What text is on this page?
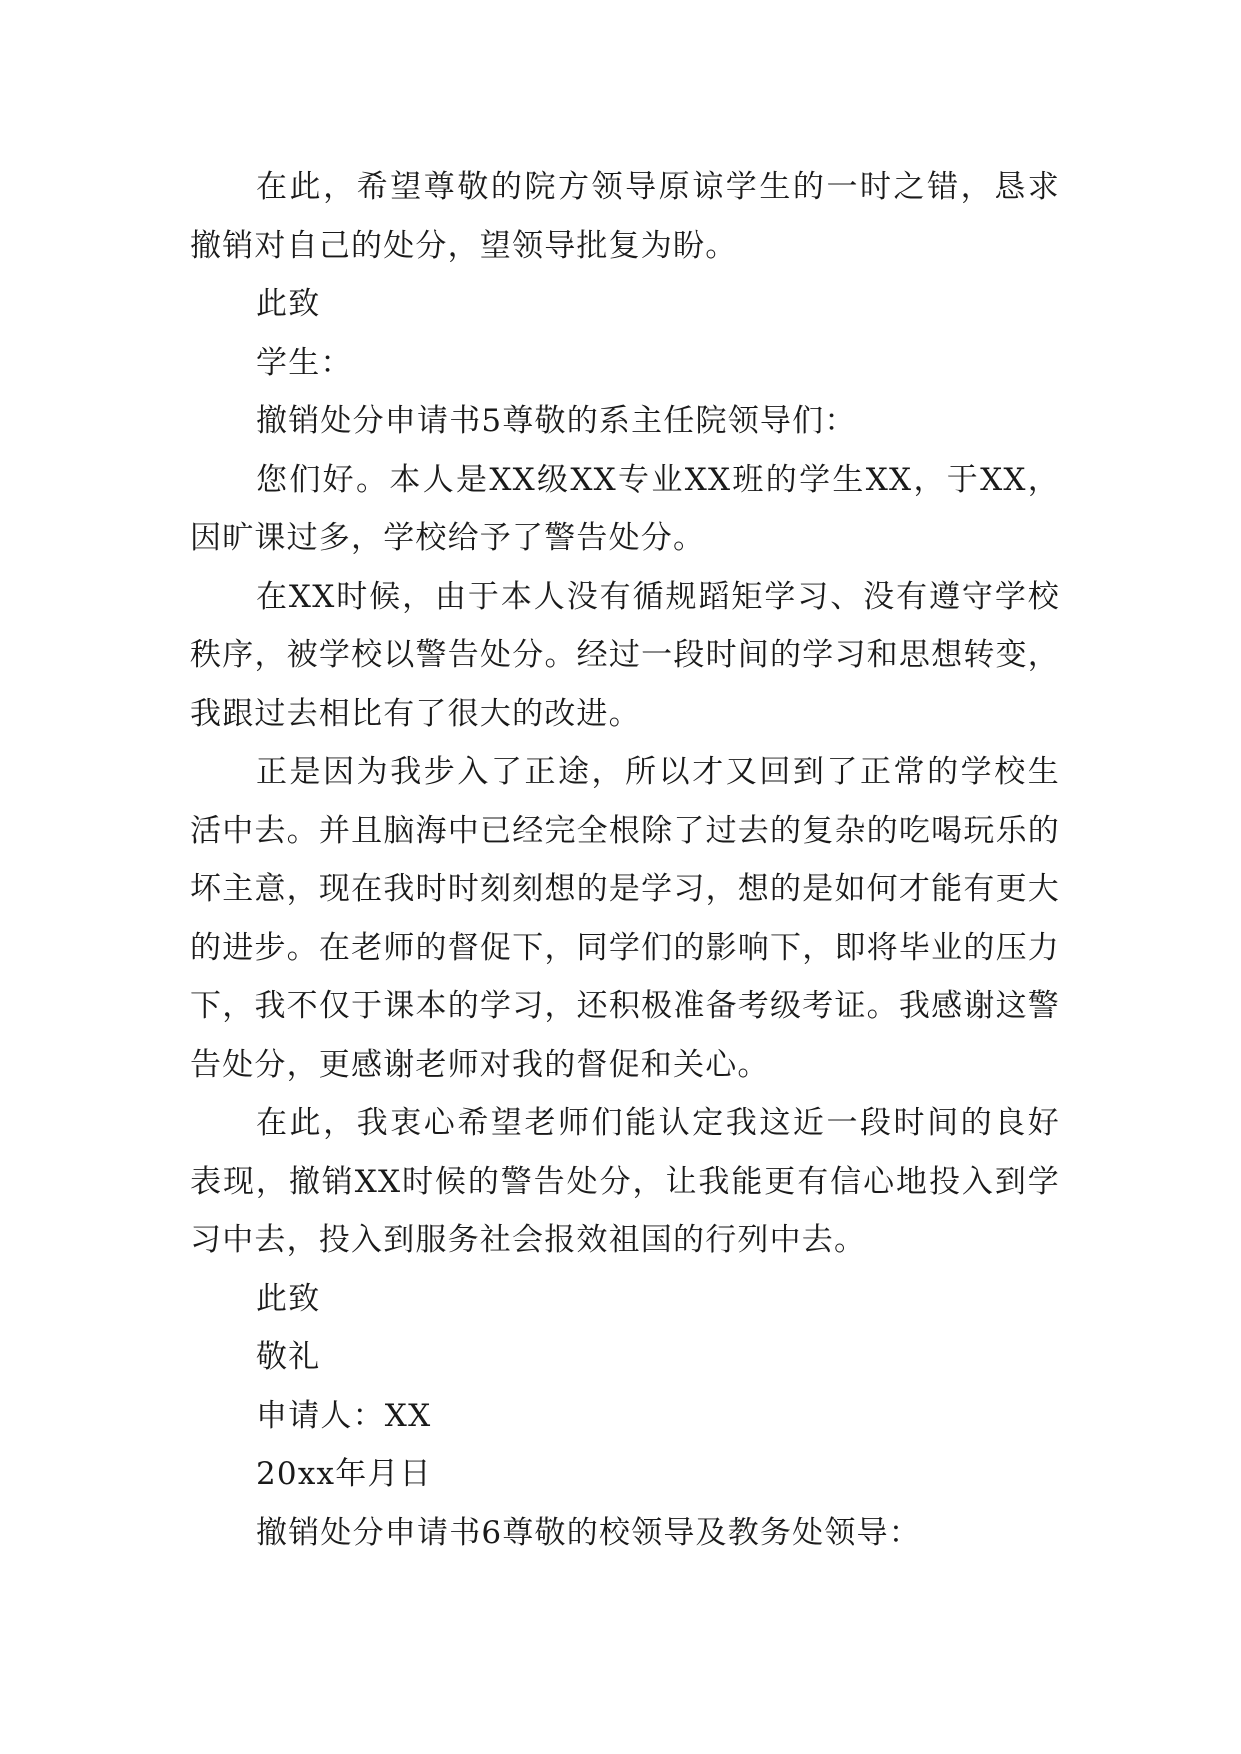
在此，希望尊敬的院方领导原谅学生的一时之错，恳求撤销对自己的处分，望领导批复为盼。

此致

学生：

撤销处分申请书5尊敬的系主任院领导们：

您们好。本人是XX级XX专业XX班的学生XX，于XX，因旷课过多，学校给予了警告处分。

在XX时候，由于本人没有循规蹈矩学习、没有遵守学校秩序，被学校以警告处分。经过一段时间的学习和思想转变，我跟过去相比有了很大的改进。

正是因为我步入了正途，所以才又回到了正常的学校生活中去。并且脑海中已经完全根除了过去的复杂的吃喝玩乐的坏主意，现在我时时刻刻想的是学习，想的是如何才能有更大的进步。在老师的督促下，同学们的影响下，即将毕业的压力下，我不仅于课本的学习，还积极准备考级考证。我感谢这警告处分，更感谢老师对我的督促和关心。

在此，我衷心希望老师们能认定我这近一段时间的良好表现，撤销XX时候的警告处分，让我能更有信心地投入到学习中去，投入到服务社会报效祖国的行列中去。

此致

敬礼

申请人：XX

20xx年月日

撤销处分申请书6尊敬的校领导及教务处领导：
